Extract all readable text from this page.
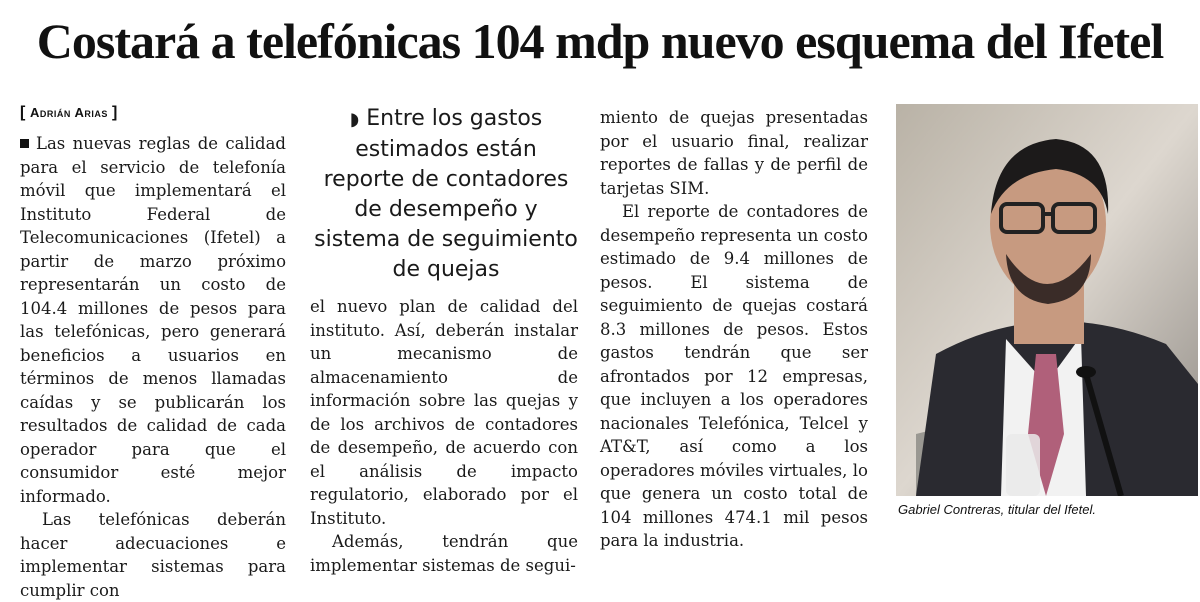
Costará a telefónicas 104 mdp nuevo esquema del Ifetel
[ Adrián Arias ]

Las nuevas reglas de calidad para el servicio de telefonía móvil que implementará el Instituto Federal de Telecomunicaciones (Ifetel) a partir de marzo próximo representarán un costo de 104.4 millones de pesos para las telefónicas, pero generará beneficios a usuarios en términos de menos llamadas caídas y se publicarán los resultados de calidad de cada operador para que el consumidor esté mejor informado.

Las telefónicas deberán hacer adecuaciones e implementar sistemas para cumplir con

◗ Entre los gastos estimados están reporte de contadores de desempeño y sistema de seguimiento de quejas

el nuevo plan de calidad del instituto. Así, deberán instalar un mecanismo de almacenamiento de información sobre las quejas y de los archivos de contadores de desempeño, de acuerdo con el análisis de impacto regulatorio, elaborado por el Instituto.

Además, tendrán que implementar sistemas de segui-

miento de quejas presentadas por el usuario final, realizar reportes de fallas y de perfil de tarjetas SIM.

El reporte de contadores de desempeño representa un costo estimado de 9.4 millones de pesos. El sistema de seguimiento de quejas costará 8.3 millones de pesos. Estos gastos tendrán que ser afrontados por 12 empresas, que incluyen a los operadores nacionales Telefónica, Telcel y AT&T, así como a los operadores móviles virtuales, lo que genera un costo total de 104 millones 474.1 mil pesos para la industria.

Gabriel Contreras, titular del Ifetel.
